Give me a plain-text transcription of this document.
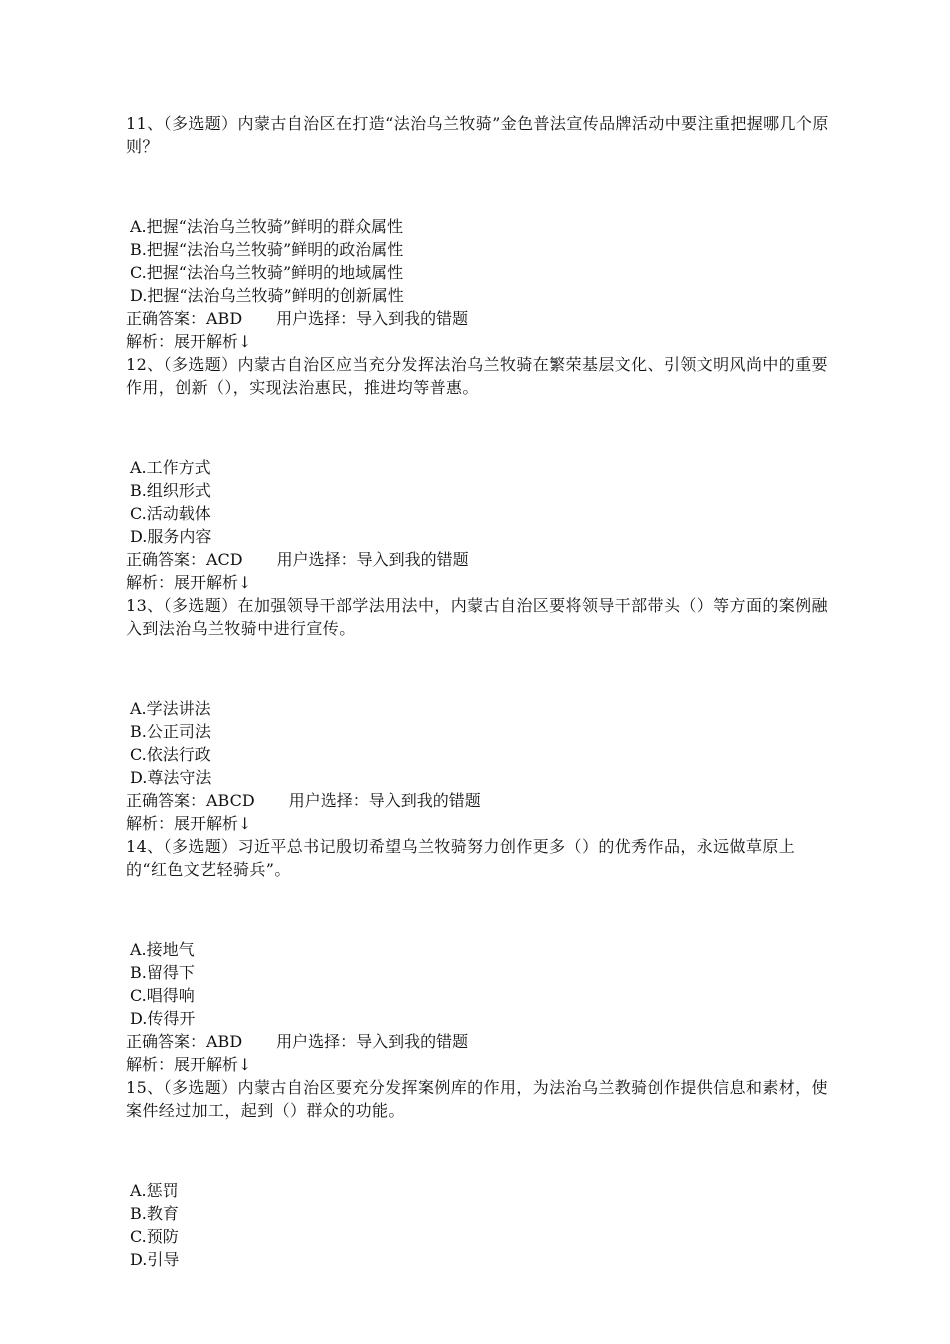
11、（多选题）内蒙古自治区在打造“法治乌兰牧骑”金色普法宣传品牌活动中要注重把握哪几个原则？

A.把握“法治乌兰牧骑”鲜明的群众属性
B.把握“法治乌兰牧骑”鲜明的政治属性
C.把握“法治乌兰牧骑”鲜明的地域属性
D.把握“法治乌兰牧骑”鲜明的创新属性
正确答案：ABD 用户选择：导入到我的错题
解析：展开解析↓

12、（多选题）内蒙古自治区应当充分发挥法治乌兰牧骑在繁荣基层文化、引领文明风尚中的重要作用，创新（），实现法治惠民，推进均等普惠。

A.工作方式
B.组织形式
C.活动载体
D.服务内容
正确答案：ACD 用户选择：导入到我的错题
解析：展开解析↓

13、（多选题）在加强领导干部学法用法中，内蒙古自治区要将领导干部带头（）等方面的案例融入到法治乌兰牧骑中进行宣传。

A.学法讲法
B.公正司法
C.依法行政
D.尊法守法
正确答案：ABCD 用户选择：导入到我的错题
解析：展开解析↓

14、（多选题）习近平总书记殷切希望乌兰牧骑努力创作更多（）的优秀作品，永远做草原上的“红色文艺轻骑兵”。

A.接地气
B.留得下
C.唱得响
D.传得开
正确答案：ABD 用户选择：导入到我的错题
解析：展开解析↓

15、（多选题）内蒙古自治区要充分发挥案例库的作用，为法治乌兰教骑创作提供信息和素材，使案件经过加工，起到（）群众的功能。

A.惩罚
B.教育
C.预防
D.引导
